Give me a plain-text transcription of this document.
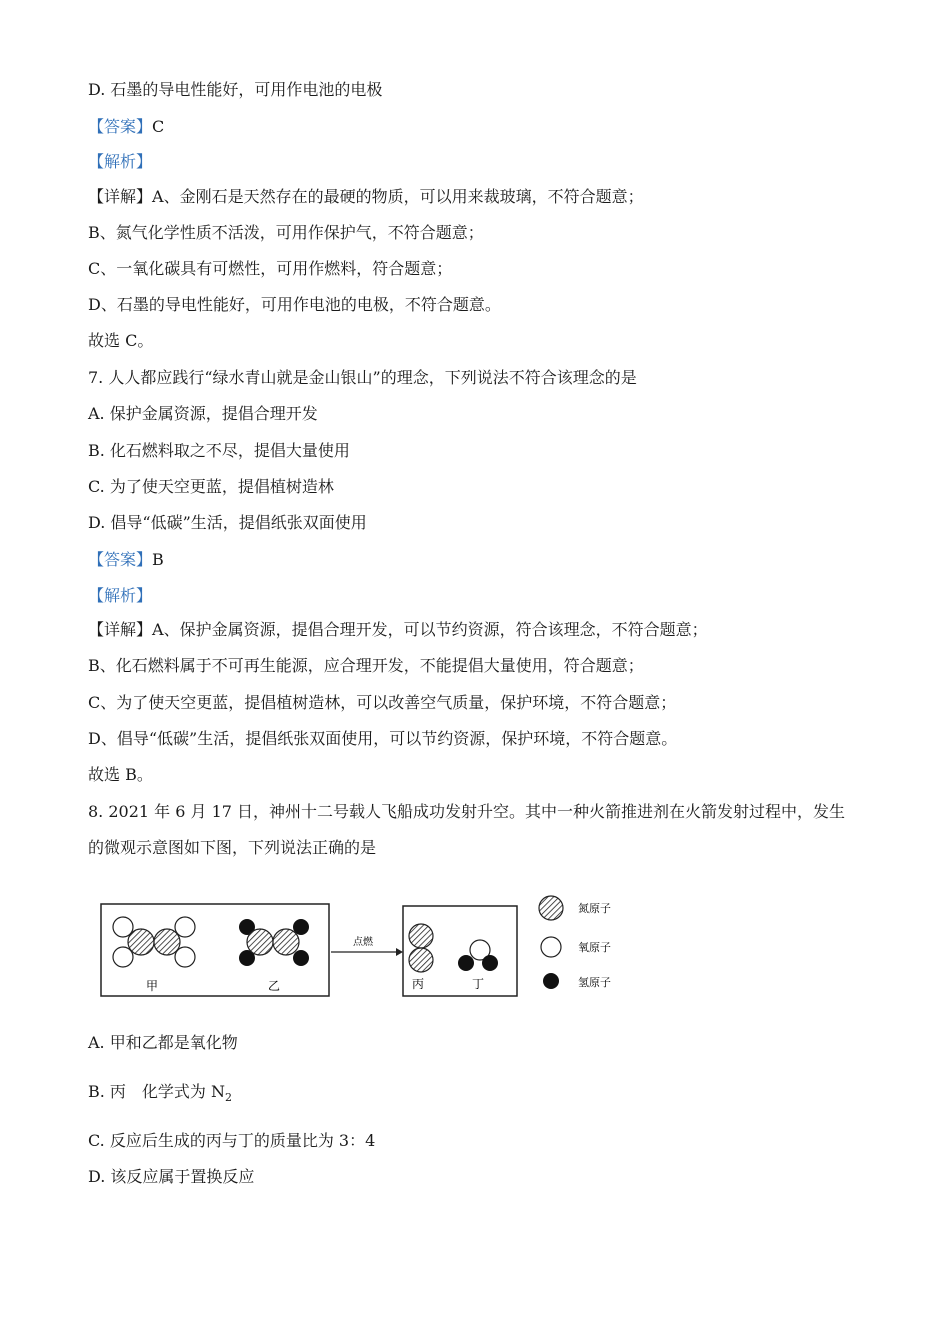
D. 石墨的导电性能好，可用作电池的电极
【答案】C
【解析】
【详解】A、金刚石是天然存在的最硬的物质，可以用来裁玻璃，不符合题意；
B、氮气化学性质不活泼，可用作保护气，不符合题意；
C、一氧化碳具有可燃性，可用作燃料，符合题意；
D、石墨的导电性能好，可用作电池的电极，不符合题意。
故选 C。
7. 人人都应践行“绿水青山就是金山银山”的理念，下列说法不符合该理念的是
A. 保护金属资源，提倡合理开发
B. 化石燃料取之不尽，提倡大量使用
C. 为了使天空更蓝，提倡植树造林
D. 倡导“低碳”生活，提倡纸张双面使用
【答案】B
【解析】
【详解】A、保护金属资源，提倡合理开发，可以节约资源，符合该理念，不符合题意；
B、化石燃料属于不可再生能源，应合理开发，不能提倡大量使用，符合题意；
C、为了使天空更蓝，提倡植树造林，可以改善空气质量，保护环境，不符合题意；
D、倡导“低碳”生活，提倡纸张双面使用，可以节约资源，保护环境，不符合题意。
故选 B。
8. 2021 年 6 月 17 日，神州十二号载人飞船成功发射升空。其中一种火箭推进剂在火箭发射过程中，发生
的微观示意图如下图，下列说法正确的是
甲	乙
点燃
丙	丁
氮原子
氧原子
氢原子
A. 甲和乙都是氧化物
B. 丙　化学式为 $N_2$
C. 反应后生成的丙与丁的质量比为 3：4
D. 该反应属于置换反应
